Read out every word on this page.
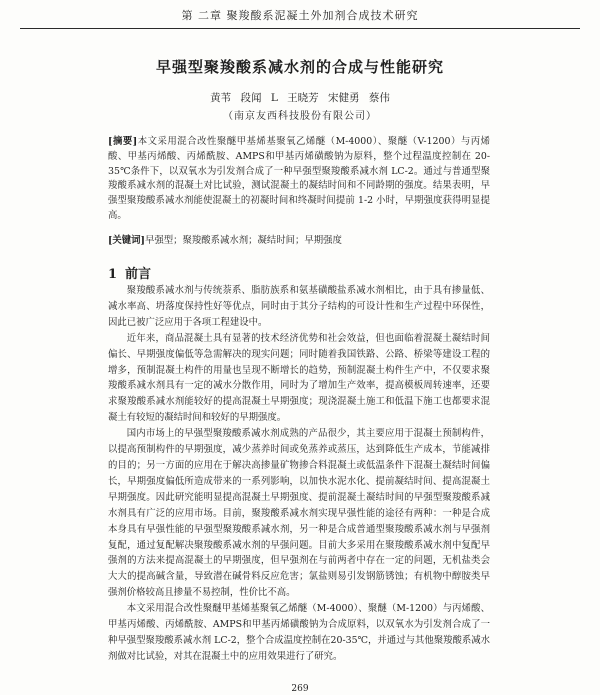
第 二章 聚羧酸系泥凝土外加剂合成技术研究
早强型聚羧酸系减水剂的合成与性能研究
黄苇 段闻 L 王晓芳 宋健勇 蔡伟
（南京友西科技股份有限公司）

[摘要]本文采用混合改性聚醚甲基烯基聚氧乙烯醚（M-4000）、聚醚（V-1200）与丙烯酸、甲基丙烯酸、丙烯酰胺、AMPS和甲基丙烯磺酸钠为原料，整个过程温度控制在 20-35℃条件下，以双氧水为引发剂合成了一种早强型聚羧酸系减水剂 LC-2。通过与普通型聚羧酸系减水剂的混凝土对比试验，测试混凝土的凝结时间和不同龄期的强度。结果表明，早强型聚羧酸系减水剂能使混凝土的初凝时间和终凝时间提前 1-2 小时，早期强度获得明显提高。

[关键词]早强型；聚羧酸系减水剂；凝结时间；早期强度

1 前言

聚羧酸系减水剂与传统萘系、脂肪族系和氨基磺酸盐系减水剂相比，由于具有掺量低、减水率高、坍落度保持性好等优点，同时由于其分子结构的可设计性和生产过程中环保性，因此已被广泛应用于各项工程建设中。

近年来，商品混凝土具有显著的技术经济优势和社会效益，但也面临着混凝土凝结时间偏长、早期强度偏低等急需解决的现实问题；同时随着我国铁路、公路、桥梁等建设工程的增多，预制混凝土构件的用量也呈现不断增长的趋势，预制混凝土构件生产中，不仅要求聚羧酸系减水剂具有一定的减水分散作用，同时为了增加生产效率，提高模板周转速率，还要求聚羧酸系减水剂能较好的提高混凝土早期强度；现浇混凝土施工和低温下施工也都要求混凝土有较短的凝结时间和较好的早期强度。

国内市场上的早强型聚羧酸系减水剂成熟的产品很少，其主要应用于混凝土预制构件，以提高预制构件的早期强度，减少蒸养时间或免蒸养或蒸压，达到降低生产成本，节能减排的目的；另一方面的应用在于解决高掺量矿物掺合料混凝土或低温条件下混凝土凝结时间偏长，早期强度偏低所造成带来的一系列影响，以加快水泥水化、提前凝结时间、提高混凝土早期强度。因此研究能明显提高混凝土早期强度、提前混凝土凝结时间的早强型聚羧酸系减水剂具有广泛的应用市场。目前，聚羧酸系减水剂实现早强性能的途径有两种：一种是合成本身具有早强性能的早强型聚羧酸系减水剂，另一种是合成普通型聚羧酸系减水剂与早强剂复配，通过复配解决聚羧酸系减水剂的早强问题。目前大多采用在聚羧酸系减水剂中复配早强剂的方法来提高混凝土的早期强度，但早强剂在与前两者中存在一定的问题，无机盐类会大大的提高碱含量，导致潜在碱骨料反应危害；氯盐则易引发钢筋锈蚀；有机物中醇胺类早强剂价格较高且掺量不易控制，性价比不高。

本文采用混合改性聚醚甲基烯基聚氧乙烯醚（M-4000）、聚醚（M-1200）与丙烯酸、甲基丙烯酸、丙烯酰胺、AMPS和甲基丙烯磺酸钠为合成原料，以双氧水为引发剂合成了一种早强型聚羧酸系减水剂 LC-2，整个合成温度控制在20-35℃，并通过与其他聚羧酸系减水剂做对比试验，对其在混凝土中的应用效果进行了研究。

269
